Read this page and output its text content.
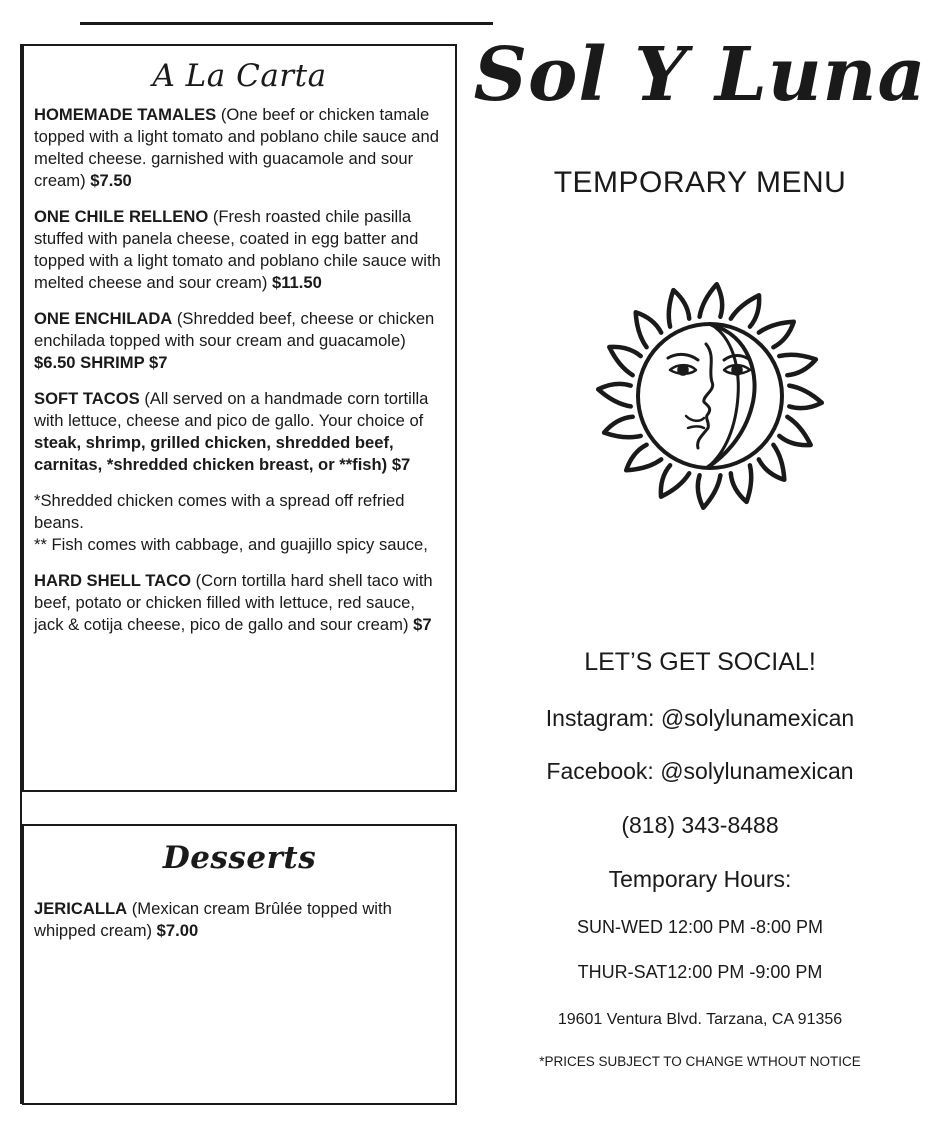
A La Carta
HOMEMADE TAMALES (One beef or chicken tamale topped with a light tomato and poblano chile sauce and melted cheese. garnished with guacamole and sour cream) $7.50
ONE CHILE RELLENO (Fresh roasted chile pasilla stuffed with panela cheese, coated in egg batter and topped with a light tomato and poblano chile sauce with melted cheese and sour cream) $11.50
ONE ENCHILADA (Shredded beef, cheese or chicken enchilada topped with sour cream and guacamole) $6.50 SHRIMP $7
SOFT TACOS (All served on a handmade corn tortilla with lettuce, cheese and pico de gallo. Your choice of steak, shrimp, grilled chicken, shredded beef, carnitas, *shredded chicken breast, or **fish) $7
*Shredded chicken comes with a spread off refried beans.
** Fish comes with cabbage, and guajillo spicy sauce,
HARD SHELL TACO (Corn tortilla hard shell taco with beef, potato or chicken filled with lettuce, red sauce, jack & cotija cheese, pico de gallo and sour cream) $7
Desserts
JERICALLA (Mexican cream Brûlée topped with whipped cream) $7.00
Sol Y Luna
TEMPORARY MENU
LET’S GET SOCIAL!
Instagram: @solylunamexican
Facebook: @solylunamexican
(818) 343-8488
Temporary Hours:
SUN-WED 12:00 PM -8:00 PM
THUR-SAT12:00 PM -9:00 PM
19601 Ventura Blvd. Tarzana, CA 91356
*PRICES SUBJECT TO CHANGE WTHOUT NOTICE
